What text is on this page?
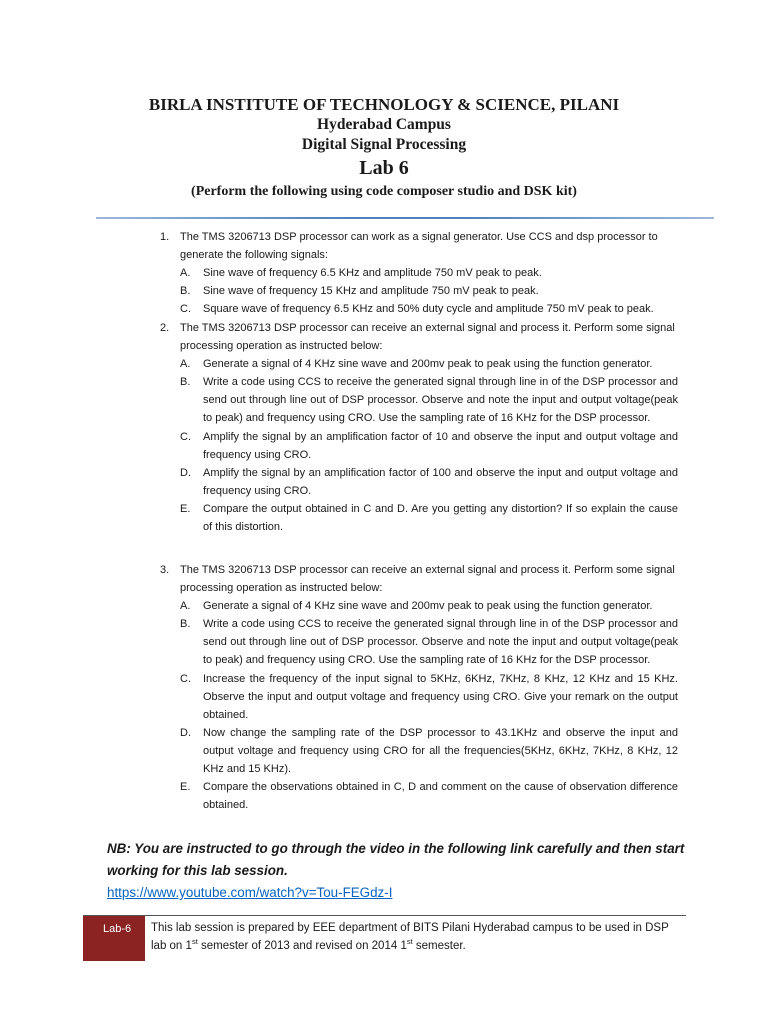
BIRLA INSTITUTE OF TECHNOLOGY & SCIENCE, PILANI
Hyderabad Campus
Digital Signal Processing
Lab 6
(Perform the following using code composer studio and DSK kit)
1. The TMS 3206713 DSP processor can work as a signal generator. Use CCS and dsp processor to generate the following signals:
A.	Sine wave of frequency 6.5 KHz and amplitude 750 mV peak to peak.
B.	Sine wave of frequency 15 KHz and amplitude 750 mV peak to peak.
C.	Square wave of frequency 6.5 KHz and 50% duty cycle and amplitude 750 mV peak to peak.
2. The TMS 3206713 DSP processor can receive an external signal and process it. Perform some signal processing operation as instructed below:
A.	Generate a signal of 4 KHz sine wave and 200mv peak to peak using the function generator.
B.	Write a code using CCS to receive the generated signal through line in of the DSP processor and send out through line out of DSP processor. Observe and note the input and output voltage(peak to peak) and frequency using CRO. Use the sampling rate of 16 KHz for the DSP processor.
C.	Amplify the signal by an amplification factor of 10 and observe the input and output voltage and frequency using CRO.
D.	Amplify the signal by an amplification factor of 100 and observe the input and output voltage and frequency using CRO.
E.	Compare the output obtained in C and D. Are you getting any distortion? If so explain the cause of this distortion.
3. The TMS 3206713 DSP processor can receive an external signal and process it. Perform some signal processing operation as instructed below:
A.	Generate a signal of 4 KHz sine wave and 200mv peak to peak using the function generator.
B.	Write a code using CCS to receive the generated signal through line in of the DSP processor and send out through line out of DSP processor. Observe and note the input and output voltage(peak to peak) and frequency using CRO. Use the sampling rate of 16 KHz for the DSP processor.
C.	Increase the frequency of the input signal to 5KHz, 6KHz, 7KHz, 8 KHz, 12 KHz and 15 KHz. Observe the input and output voltage and frequency using CRO. Give your remark on the output obtained.
D.	Now change the sampling rate of the DSP processor to 43.1KHz and observe the input and output voltage and frequency using CRO for all the frequencies(5KHz, 6KHz, 7KHz, 8 KHz, 12 KHz and 15 KHz).
E.	Compare the observations obtained in C, D and comment on the cause of observation difference obtained.
NB: You are instructed to go through the video in the following link carefully and then start working for this lab session.
https://www.youtube.com/watch?v=Tou-FEGdz-I
Lab-6	This lab session is prepared by EEE department of BITS Pilani Hyderabad campus to be used in DSP lab on 1st semester of 2013 and revised on 2014 1st semester.
